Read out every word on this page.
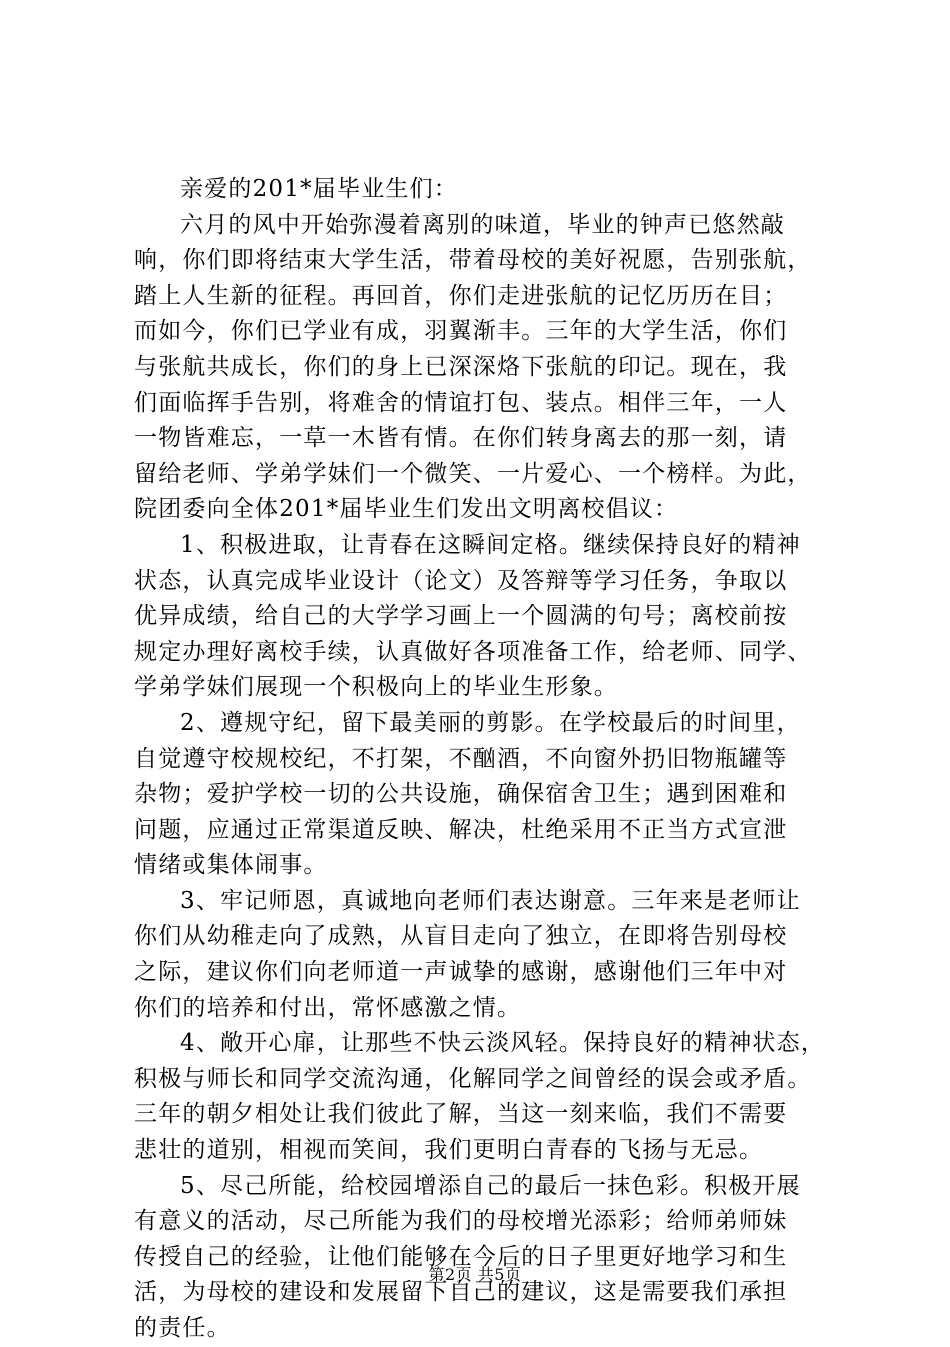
亲爱的201*届毕业生们：
六月的风中开始弥漫着离别的味道，毕业的钟声已悠然敲
响，你们即将结束大学生活，带着母校的美好祝愿，告别张航，
踏上人生新的征程。再回首，你们走进张航的记忆历历在目；
而如今，你们已学业有成，羽翼渐丰。三年的大学生活，你们
与张航共成长，你们的身上已深深烙下张航的印记。现在，我
们面临挥手告别，将难舍的情谊打包、装点。相伴三年，一人
一物皆难忘，一草一木皆有情。在你们转身离去的那一刻，请
留给老师、学弟学妹们一个微笑、一片爱心、一个榜样。为此，
院团委向全体201*届毕业生们发出文明离校倡议：
1、积极进取，让青春在这瞬间定格。继续保持良好的精神
状态，认真完成毕业设计（论文）及答辩等学习任务，争取以
优异成绩，给自己的大学学习画上一个圆满的句号；离校前按
规定办理好离校手续，认真做好各项准备工作，给老师、同学、
学弟学妹们展现一个积极向上的毕业生形象。
2、遵规守纪，留下最美丽的剪影。在学校最后的时间里，
自觉遵守校规校纪，不打架，不酗酒，不向窗外扔旧物瓶罐等
杂物；爱护学校一切的公共设施，确保宿舍卫生；遇到困难和
问题，应通过正常渠道反映、解决，杜绝采用不正当方式宣泄
情绪或集体闹事。
3、牢记师恩，真诚地向老师们表达谢意。三年来是老师让
你们从幼稚走向了成熟，从盲目走向了独立，在即将告别母校
之际，建议你们向老师道一声诚挚的感谢，感谢他们三年中对
你们的培养和付出，常怀感激之情。
4、敞开心扉，让那些不快云淡风轻。保持良好的精神状态，
积极与师长和同学交流沟通，化解同学之间曾经的误会或矛盾。
三年的朝夕相处让我们彼此了解，当这一刻来临，我们不需要
悲壮的道别，相视而笑间，我们更明白青春的飞扬与无忌。
5、尽己所能，给校园增添自己的最后一抹色彩。积极开展
有意义的活动，尽己所能为我们的母校增光添彩；给师弟师妹
传授自己的经验，让他们能够在今后的日子里更好地学习和生
活，为母校的建设和发展留下自己的建议，这是需要我们承担
的责任。
第2页 共5页
